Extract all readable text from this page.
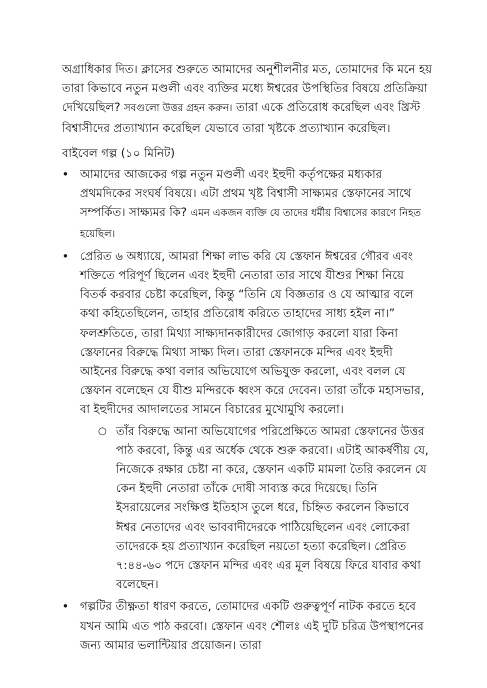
অগ্রাধিকার দিত। ক্লাসের শুরুতে আমাদের অনুশীলনীর মত, তোমাদের কি মনে হয় তারা কিভাবে নতুন মণ্ডলী এবং ব্যক্তির মধ্যে ঈশ্বরের উপস্থিতির বিষয়ে প্রতিক্রিয়া দেখিয়েছিল? সবগুলো উত্তর গ্রহন করুন। তারা একে প্রতিরোধ করেছিল এবং খ্রিস্ট বিশ্বাসীদের প্রত্যাখ্যান করেছিল যেভাবে তারা খৃষ্টকে প্রত্যাখ্যান করেছিল।

বাইবেল গল্প (১০ মিনিট)

• আমাদের আজকের গল্প নতুন মণ্ডলী এবং ইহুদী কর্তৃপক্ষের মধ্যকার প্রথমদিকের সংঘর্ষ বিষয়ে। এটা প্রথম খৃষ্ট বিশ্বাসী সাক্ষ্যমর স্তেফানের সাথে সম্পর্কিত। সাক্ষ্যমর কি? এমন একজন ব্যক্তি যে তাদের ধর্মীয় বিশ্বাসের কারণে নিহত হয়েছিল।
• প্রেরিত ৬ অধ্যায়ে, আমরা শিক্ষা লাভ করি যে স্তেফান ঈশ্বরের গৌরব এবং শক্তিতে পরিপূর্ণ ছিলেন এবং ইহুদী নেতারা তার সাথে যীশুর শিক্ষা নিয়ে বিতর্ক করবার চেষ্টা করেছিল, কিন্তু “তিনি যে বিজ্ঞতার ও যে আত্মার বলে কথা কহিতেছিলেন, তাহার প্রতিরোধ করিতে তাহাদের সাধ্য হইল না।” ফলশ্রুতিতে, তারা মিথ্যা সাক্ষ্যদানকারীদের জোগাড় করলো যারা কিনা স্তেফানের বিরুদ্ধে মিথ্যা সাক্ষ্য দিল। তারা স্তেফানকে মন্দির এবং ইহুদী আইনের বিরুদ্ধে কথা বলার অভিযোগে অভিযুক্ত করলো, এবং বলল যে স্তেফান বলেছেন যে যীশু মন্দিরকে ধ্বংস করে দেবেন। তারা তাঁকে মহাসভার, বা ইহুদীদের আদালতের সামনে বিচারের মুখোমুখি করলো।
○ তাঁর বিরুদ্ধে আনা অভিযোগের পরিপ্রেক্ষিতে আমরা স্তেফানের উত্তর পাঠ করবো, কিন্তু এর অর্ধেক থেকে শুরু করবো। এটাই আকর্ষণীয় যে, নিজেকে রক্ষার চেষ্টা না করে, স্তেফান একটি মামলা তৈরি করলেন যে কেন ইহুদী নেতারা তাঁকে দোষী সাব্যস্ত করে দিয়েছে। তিনি ইসরায়েলের সংক্ষিপ্ত ইতিহাস তুলে ধরে, চিহ্নিত করলেন কিভাবে ঈশ্বর নেতাদের এবং ভাববাদীদেরকে পাঠিয়েছিলেন এবং লোকেরা তাদেরকে হয় প্রত্যাখ্যান করেছিল নয়তো হত্যা করেছিল। প্রেরিত ৭:৪৪-৬০ পদে স্তেফান মন্দির এবং এর মূল বিষয়ে ফিরে যাবার কথা বলেছেন।
• গল্পটির তীক্ষ্ণতা ধারণ করতে, তোমাদের একটি গুরুত্বপূর্ণ নাটক করতে হবে যখন আমি এত পাঠ করবো। স্তেফান এবং শৌলঃ এই দুটি চরিত্র উপস্থাপনের জন্য আমার ভলান্টিয়ার প্রয়োজন। তারা
